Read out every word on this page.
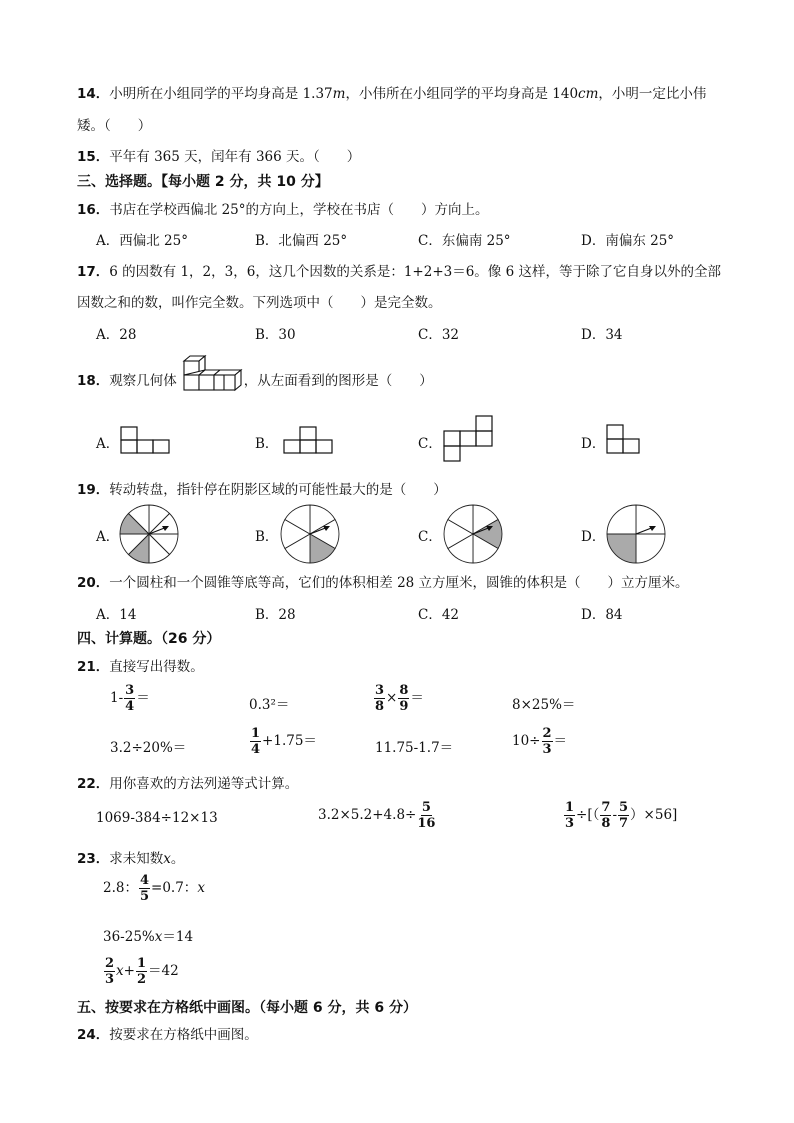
14．小明所在小组同学的平均身高是 1.37m，小伟所在小组同学的平均身高是 140cm，小明一定比小伟
矮。（　　）
15．平年有 365 天，闰年有 366 天。（　　）
三、选择题。【每小题 2 分，共 10 分】
16．书店在学校西偏北 25°的方向上，学校在书店（　　）方向上。
A．西偏北 25°	B．北偏西 25°	C．东偏南 25°	D．南偏东 25°
17．6 的因数有 1，2，3，6，这几个因数的关系是：1+2+3＝6。像 6 这样，等于除了它自身以外的全部
因数之和的数，叫作完全数。下列选项中（　　）是完全数。
A．28	B．30	C．32	D．34
18．观察几何体	，从左面看到的图形是（　　）
A．	B．	C．	D．
19．转动转盘，指针停在阴影区域的可能性最大的是（　　）
A．	B．	C．	D．
20．一个圆柱和一个圆锥等底等高，它们的体积相差 28 立方厘米，圆锥的体积是（　　）立方厘米。
A．14	B．28	C．42	D．84
四、计算题。（26 分）
21．直接写出得数。
$1- \frac{3}{4}$ ＝	0.3²＝	$\frac{3}{8} \times \frac{8}{9}$ ＝	8×25%＝
3.2÷20%＝	$\frac{1}{4} +1.75=$	11.75-1.7＝	$10\div \frac{2}{3}$ ＝
22．用你喜欢的方法列递等式计算。
1069-384÷12×13	$3.2\times 5.2+4.8\div \frac{5}{16}$	$\frac{1}{3}$ ÷[（ $\frac{7}{8} - \frac{5}{7} )\times 56$]
23．求未知数x。
2.8： $\frac{4}{5} =0.7$：x
36-25%x＝14
$\frac{2}{3} x+ \frac{1}{2} =42$
五、按要求在方格纸中画图。（每小题 6 分，共 6 分）
24．按要求在方格纸中画图。
